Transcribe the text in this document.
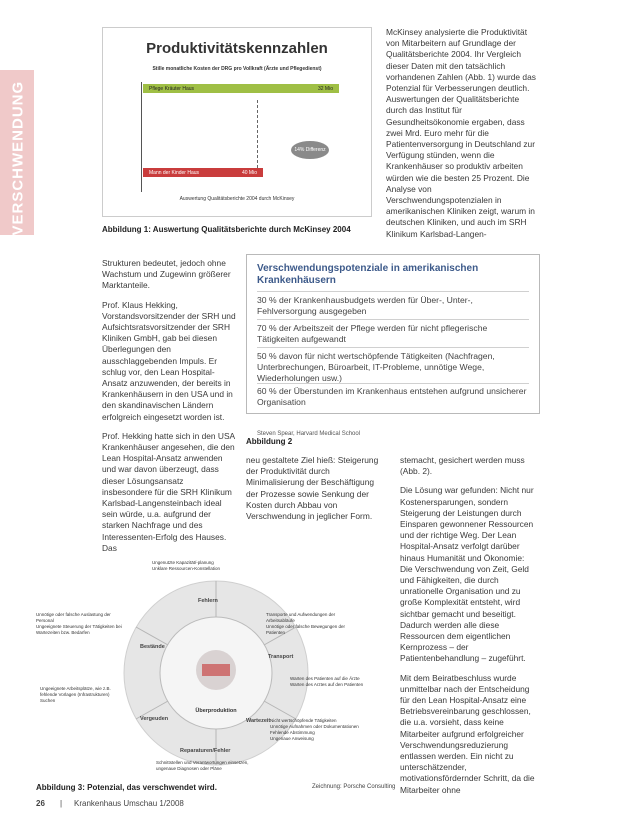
VERSCHWENDUNG
Produktivitätskennzahlen
Stille monatliche Kosten der DRG pro Vollkraft (Ärzte und Pflegedienst)
Pflege Kräuter Haus	32 Mio
Mann der Kinder Haus	40 Mio
14% Differenz
Auswertung Qualitätsberichte 2004 durch McKinsey
Abbildung 1: Auswertung Qualitätsberichte durch McKinsey 2004

McKinsey analysierte die Produktivität von Mitarbeitern auf Grundlage der Qualitätsberichte 2004. Ihr Vergleich dieser Daten mit den tatsächlich vorhandenen Zahlen (Abb. 1) wurde das Potenzial für Verbesserungen deutlich. Auswertungen der Qualitätsberichte durch das Institut für Gesundheitsökonomie ergaben, dass zwei Mrd. Euro mehr für die Patientenversorgung in Deutschland zur Verfügung stünden, wenn die Krankenhäuser so produktiv arbeiten würden wie die besten 25 Prozent. Die Analyse von Verschwendungspotenzialen in amerikanischen Kliniken zeigt, warum in deutschen Kliniken, und auch im SRH Klinikum Karlsbad-Langen-

Strukturen bedeutet, jedoch ohne Wachstum und Zugewinn größerer Marktanteile.

Prof. Klaus Hekking, Vorstandsvorsitzender der SRH und Aufsichtsratsvorsitzender der SRH Kliniken GmbH, gab bei diesen Überlegungen den ausschlaggebenden Impuls. Er schlug vor, den Lean Hospital-Ansatz anzuwenden, der bereits in Krankenhäusern in den USA und in den skandinavischen Ländern erfolgreich eingesetzt worden ist.

Prof. Hekking hatte sich in den USA Krankenhäuser angesehen, die den Lean Hospital-Ansatz anwenden und war davon überzeugt, dass dieser Lösungsansatz insbesondere für die SRH Klinikum Karlsbad-Langensteinbach ideal sein würde, u.a. aufgrund der starken Nachfrage und des Interessenten-Erfolg des Hauses. Das

Verschwendungspotenziale in amerikanischen Krankenhäusern
30 % der Krankenhausbudgets werden für Über-, Unter-, Fehlversorgung ausgegeben
70 % der Arbeitszeit der Pflege werden für nicht pflegerische Tätigkeiten aufgewandt
50 % davon für nicht wertschöpfende Tätigkeiten (Nachfragen, Unterbrechungen, Büroarbeit, IT-Probleme, unnötige Wege, Wiederholungen usw.)
60 % der Überstunden im Krankenhaus entstehen aufgrund unsicherer Organisation
Steven Spear, Harvard Medical School
Abbildung 2

neu gestaltete Ziel hieß: Steigerung der Produktivität durch Minimalisierung der Beschäftigung der Prozesse sowie Senkung der Kosten durch Abbau von Verschwendung in jeglicher Form.

stemacht, gesichert werden muss (Abb. 2).

Die Lösung war gefunden: Nicht nur Kostenersparungen, sondern Steigerung der Leistungen durch Einsparen gewonnener Ressourcen und der richtige Weg. Der Lean Hospital-Ansatz verfolgt darüber hinaus Humanität und Ökonomie: Die Verschwendung von Zeit, Geld und Fähigkeiten, die durch unrationelle Organisation und zu große Komplexität entsteht, wird sichtbar gemacht und beseitigt. Dadurch werden alle diese Ressourcen dem eigentlichen Kernprozess – der Patientenbehandlung – zugeführt.

Mit dem Beiratbeschluss wurde unmittelbar nach der Entscheidung für den Lean Hospital-Ansatz eine Betriebsvereinbarung geschlossen, die u.a. vorsieht, dass keine Mitarbeiter aufgrund erfolgreicher Verschwendungsreduzierung entlassen werden. Ein nicht zu unterschätzender, motivationsfördernder Schritt, da die Mitarbeiter ohne

Überproduktion
Fehlern
Transport
Wartezeit
Reparaturen/Fehler
Vergeuden
Bestände
Ungenutzte Kapazität/-planung
Unklare Ressourcen-Konstellation
Unnötige oder falsche Auslastung der Personal
Ungeeignete Steuerung der Tätigkeiten bei Wartezeiten bzw. Bedarfen
Ungeeignete Arbeitsplätze, wie z.B. fehlende Vorlagen (Infrastrukturen)
Suchen
Transporte und Aufwendungen der Arbeitsabläufe
Unnötige oder falsche Bewegungen der Patienten
Warten des Patienten auf die Ärzte
Warten des Arztes auf den Patienten
Nicht wertschöpfende Tätigkeiten
Unnötige Aufnahmen oder Dokumentationen
Fehlende Abstimmung
Ungenaue Anweisung
Schnittstellen und Verantwortungen einsetzen, ungenaue Diagnosen oder Pläne
Abbildung 3: Potenzial, das verschwendet wird.	Zeichnung: Porsche Consulting
26 | Krankenhaus Umschau 1/2008
